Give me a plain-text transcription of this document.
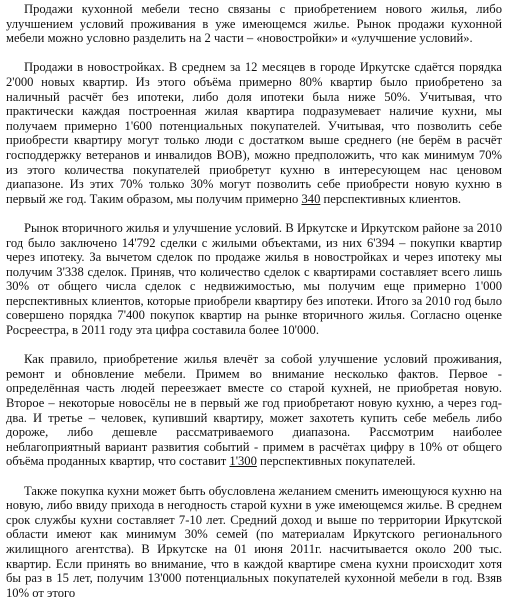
Продажи кухонной мебели тесно связаны с приобретением нового жилья, либо улучшением условий проживания в уже имеющемся жилье. Рынок продажи кухонной мебели можно условно разделить на 2 части – «новостройки» и «улучшение условий».

Продажи в новостройках. В среднем за 12 месяцев в городе Иркутске сдаётся порядка 2'000 новых квартир. Из этого объёма примерно 80% квартир было приобретено за наличный расчёт без ипотеки, либо доля ипотеки была ниже 50%. Учитывая, что практически каждая построенная жилая квартира подразумевает наличие кухни, мы получаем примерно 1'600 потенциальных покупателей. Учитывая, что позволить себе приобрести квартиру могут только люди с достатком выше среднего (не берём в расчёт господдержку ветеранов и инвалидов ВОВ), можно предположить, что как минимум 70% из этого количества покупателей приобретут кухню в интересующем нас ценовом диапазоне. Из этих 70% только 30% могут позволить себе приобрести новую кухню в первый же год. Таким образом, мы получим примерно 340 перспективных клиентов.

Рынок вторичного жилья и улучшение условий. В Иркутске и Иркутском районе за 2010 год было заключено 14'792 сделки с жилыми объектами, из них 6'394 – покупки квартир через ипотеку. За вычетом сделок по продаже жилья в новостройках и через ипотеку мы получим 3'338 сделок. Приняв, что количество сделок с квартирами составляет всего лишь 30% от общего числа сделок с недвижимостью, мы получим еще примерно 1'000 перспективных клиентов, которые приобрели квартиру без ипотеки. Итого за 2010 год было совершено порядка 7'400 покупок квартир на рынке вторичного жилья. Согласно оценке Росреестра, в 2011 году эта цифра составила более 10'000.

Как правило, приобретение жилья влечёт за собой улучшение условий проживания, ремонт и обновление мебели. Примем во внимание несколько фактов. Первое - определённая часть людей переезжает вместе со старой кухней, не приобретая новую. Второе – некоторые новосёлы не в первый же год приобретают новую кухню, а через год-два. И третье – человек, купивший квартиру, может захотеть купить себе мебель либо дороже, либо дешевле рассматриваемого диапазона. Рассмотрим наиболее неблагоприятный вариант развития событий - примем в расчётах цифру в 10% от общего объёма проданных квартир, что составит 1'300 перспективных покупателей.

Также покупка кухни может быть обусловлена желанием сменить имеющуюся кухню на новую, либо ввиду прихода в негодность старой кухни в уже имеющемся жилье. В среднем срок службы кухни составляет 7-10 лет. Средний доход и выше по территории Иркутской области имеют как минимум 30% семей (по материалам Иркутского регионального жилищного агентства). В Иркутске на 01 июня 2011г. насчитывается около 200 тыс. квартир. Если принять во внимание, что в каждой квартире смена кухни происходит хотя бы раз в 15 лет, получим 13'000 потенциальных покупателей кухонной мебели в год. Взяв 10% от этого
